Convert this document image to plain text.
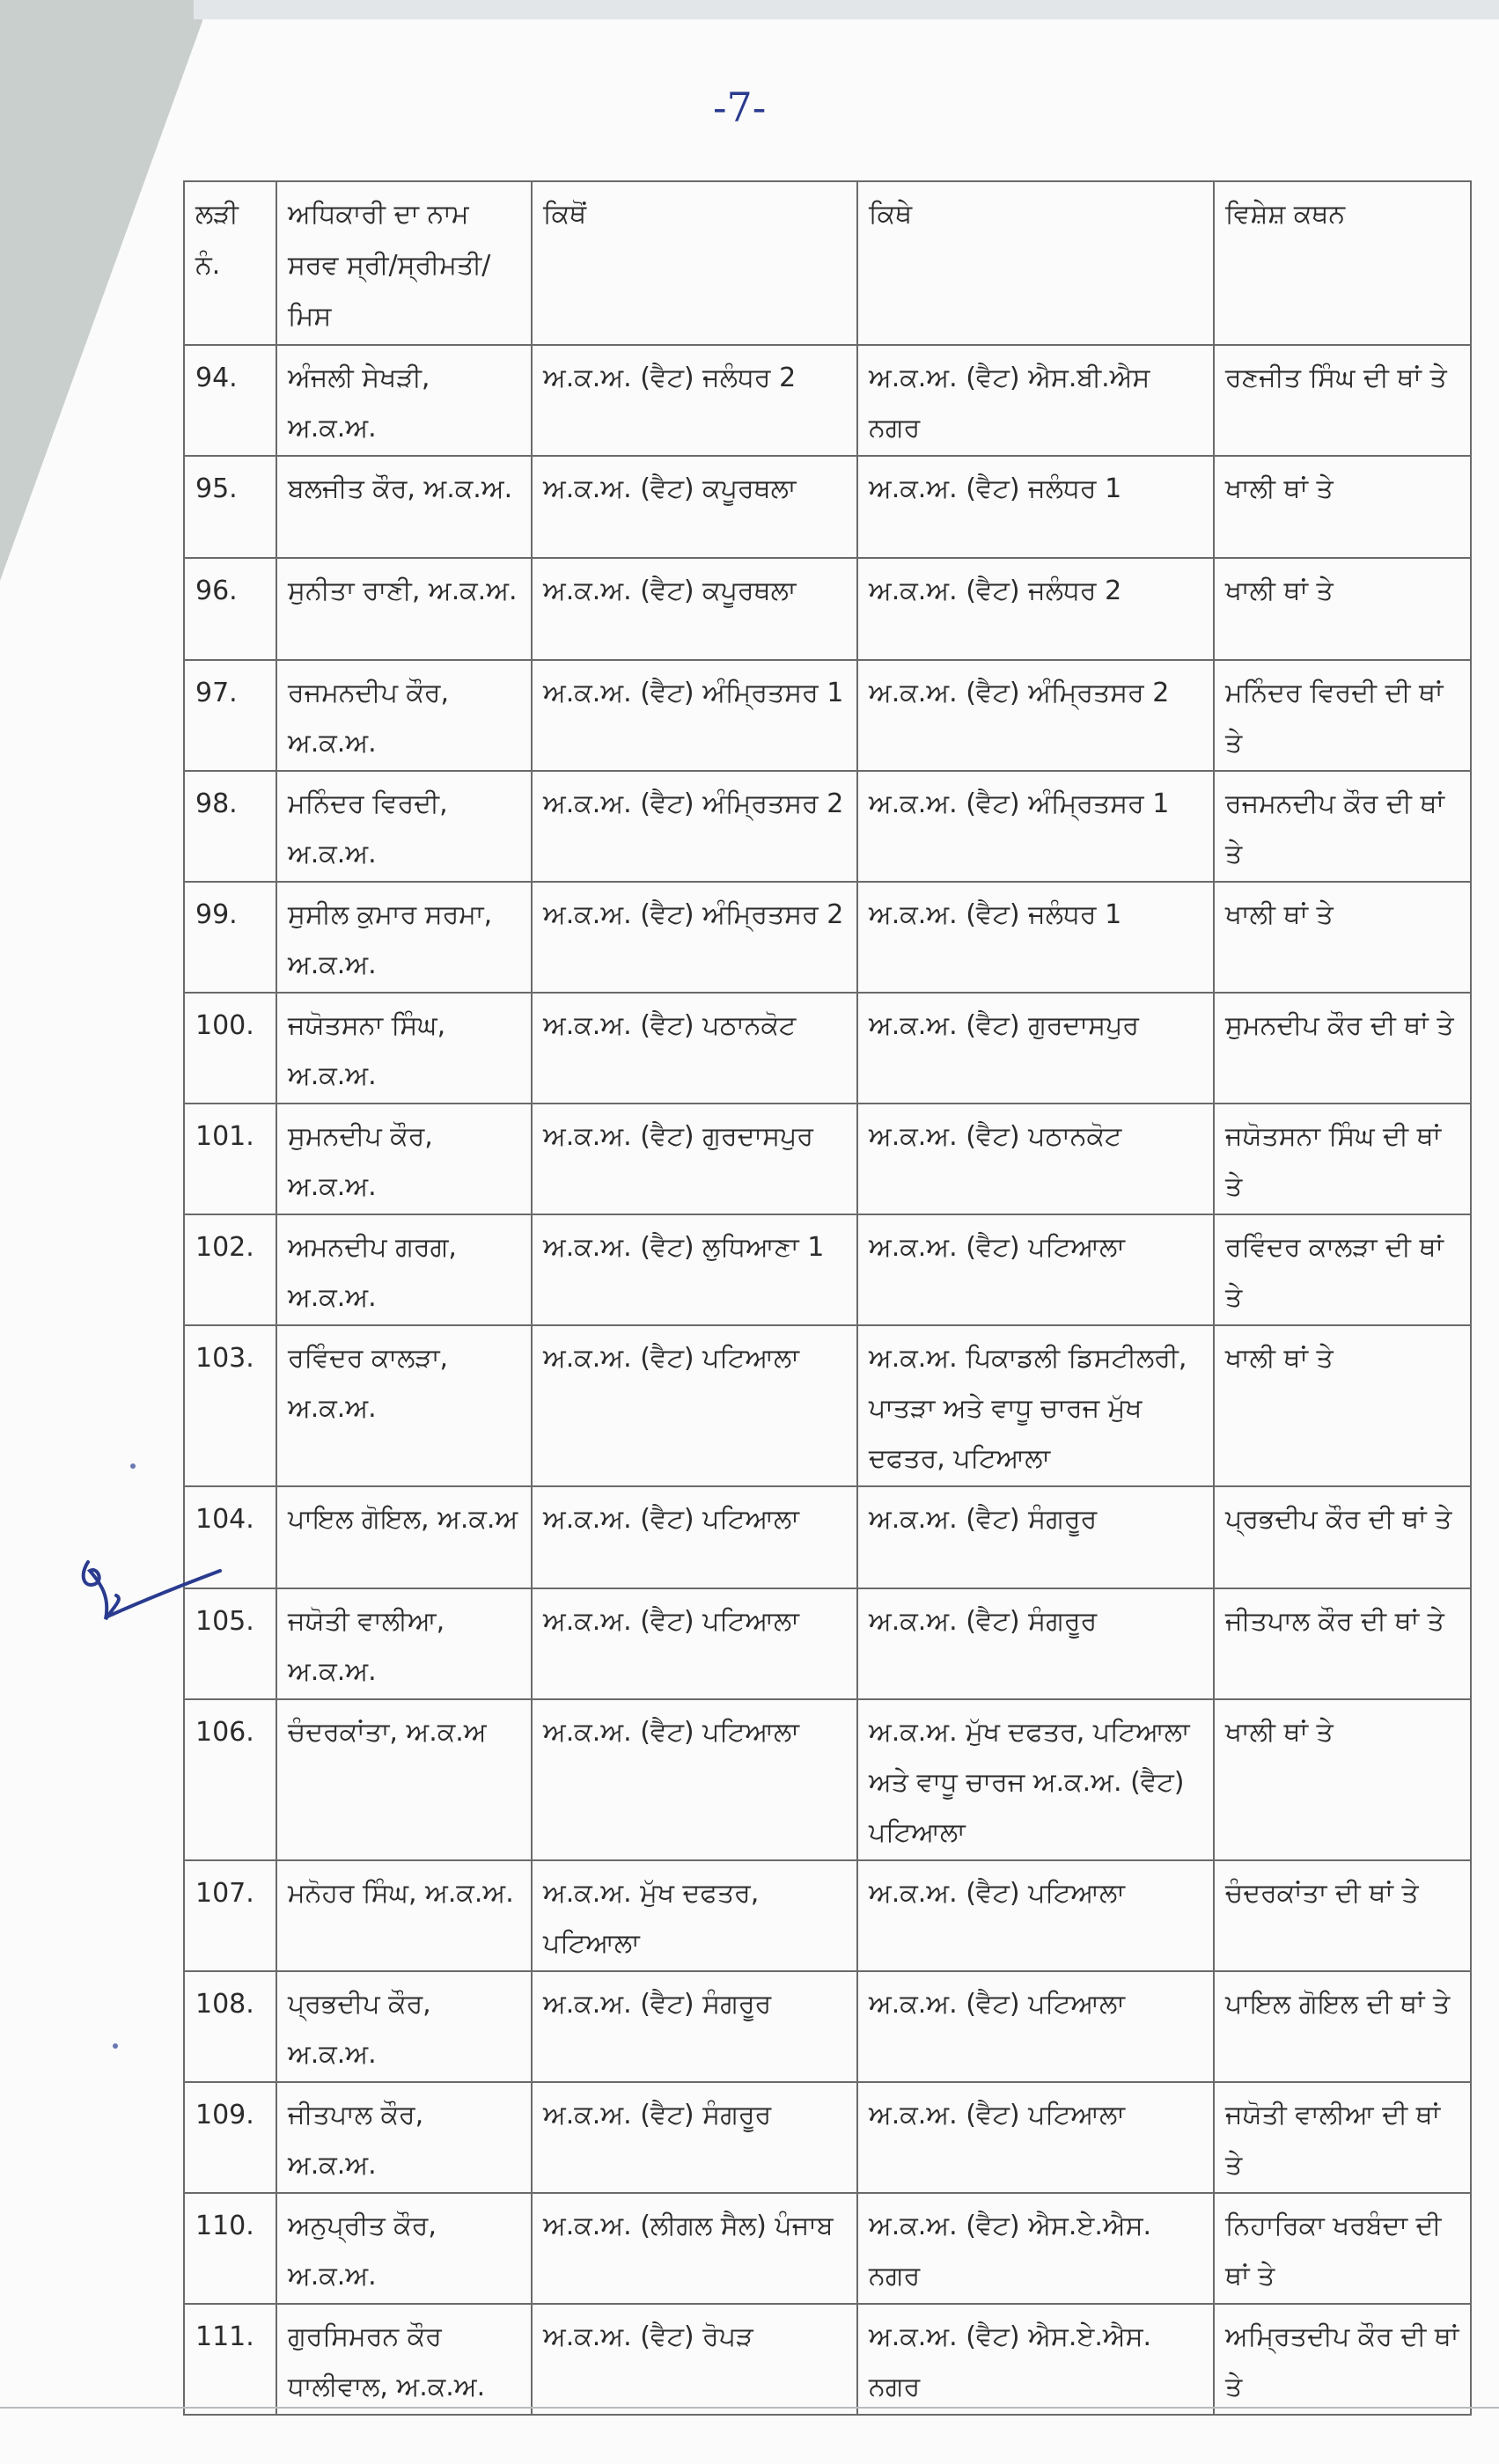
-7-
ਲੜੀ ਨੰ.	ਅਧਿਕਾਰੀ ਦਾ ਨਾਮ ਸਰਵ ਸ੍ਰੀ/ਸ੍ਰੀਮਤੀ/ ਮਿਸ	ਕਿਥੋਂ	ਕਿਥੇ	ਵਿਸ਼ੇਸ਼ ਕਥਨ
94.	ਅੰਜਲੀ ਸੇਖੜੀ, ਅ.ਕ.ਅ.	ਅ.ਕ.ਅ. (ਵੈਟ) ਜਲੰਧਰ 2	ਅ.ਕ.ਅ. (ਵੈਟ) ਐਸ.ਬੀ.ਐਸ ਨਗਰ	ਰਣਜੀਤ ਸਿੰਘ ਦੀ ਥਾਂ ਤੇ
95.	ਬਲਜੀਤ ਕੌਰ, ਅ.ਕ.ਅ.	ਅ.ਕ.ਅ. (ਵੈਟ) ਕਪੂਰਥਲਾ	ਅ.ਕ.ਅ. (ਵੈਟ) ਜਲੰਧਰ 1	ਖਾਲੀ ਥਾਂ ਤੇ
96.	ਸੁਨੀਤਾ ਰਾਣੀ, ਅ.ਕ.ਅ.	ਅ.ਕ.ਅ. (ਵੈਟ) ਕਪੂਰਥਲਾ	ਅ.ਕ.ਅ. (ਵੈਟ) ਜਲੰਧਰ 2	ਖਾਲੀ ਥਾਂ ਤੇ
97.	ਰਜਮਨਦੀਪ ਕੌਰ, ਅ.ਕ.ਅ.	ਅ.ਕ.ਅ. (ਵੈਟ) ਅੰਮ੍ਰਿਤਸਰ 1	ਅ.ਕ.ਅ. (ਵੈਟ) ਅੰਮ੍ਰਿਤਸਰ 2	ਮਨਿੰਦਰ ਵਿਰਦੀ ਦੀ ਥਾਂ ਤੇ
98.	ਮਨਿੰਦਰ ਵਿਰਦੀ, ਅ.ਕ.ਅ.	ਅ.ਕ.ਅ. (ਵੈਟ) ਅੰਮ੍ਰਿਤਸਰ 2	ਅ.ਕ.ਅ. (ਵੈਟ) ਅੰਮ੍ਰਿਤਸਰ 1	ਰਜਮਨਦੀਪ ਕੌਰ ਦੀ ਥਾਂ ਤੇ
99.	ਸੁਸੀਲ ਕੁਮਾਰ ਸਰਮਾ, ਅ.ਕ.ਅ.	ਅ.ਕ.ਅ. (ਵੈਟ) ਅੰਮ੍ਰਿਤਸਰ 2	ਅ.ਕ.ਅ. (ਵੈਟ) ਜਲੰਧਰ 1	ਖਾਲੀ ਥਾਂ ਤੇ
100.	ਜਯੋਤਸਨਾ ਸਿੰਘ, ਅ.ਕ.ਅ.	ਅ.ਕ.ਅ. (ਵੈਟ) ਪਠਾਨਕੋਟ	ਅ.ਕ.ਅ. (ਵੈਟ) ਗੁਰਦਾਸਪੁਰ	ਸੁਮਨਦੀਪ ਕੌਰ ਦੀ ਥਾਂ ਤੇ
101.	ਸੁਮਨਦੀਪ ਕੌਰ, ਅ.ਕ.ਅ.	ਅ.ਕ.ਅ. (ਵੈਟ) ਗੁਰਦਾਸਪੁਰ	ਅ.ਕ.ਅ. (ਵੈਟ) ਪਠਾਨਕੋਟ	ਜਯੋਤਸਨਾ ਸਿੰਘ ਦੀ ਥਾਂ ਤੇ
102.	ਅਮਨਦੀਪ ਗਰਗ, ਅ.ਕ.ਅ.	ਅ.ਕ.ਅ. (ਵੈਟ) ਲੁਧਿਆਣਾ 1	ਅ.ਕ.ਅ. (ਵੈਟ) ਪਟਿਆਲਾ	ਰਵਿੰਦਰ ਕਾਲੜਾ ਦੀ ਥਾਂ ਤੇ
103.	ਰਵਿੰਦਰ ਕਾਲੜਾ, ਅ.ਕ.ਅ.	ਅ.ਕ.ਅ. (ਵੈਟ) ਪਟਿਆਲਾ	ਅ.ਕ.ਅ. ਪਿਕਾਡਲੀ ਡਿਸਟੀਲਰੀ, ਪਾਤੜਾ ਅਤੇ ਵਾਧੂ ਚਾਰਜ ਮੁੱਖ ਦਫਤਰ, ਪਟਿਆਲਾ	ਖਾਲੀ ਥਾਂ ਤੇ
104.	ਪਾਇਲ ਗੋਇਲ, ਅ.ਕ.ਅ	ਅ.ਕ.ਅ. (ਵੈਟ) ਪਟਿਆਲਾ	ਅ.ਕ.ਅ. (ਵੈਟ) ਸੰਗਰੂਰ	ਪ੍ਰਭਦੀਪ ਕੌਰ ਦੀ ਥਾਂ ਤੇ
105.	ਜਯੋਤੀ ਵਾਲੀਆ, ਅ.ਕ.ਅ.	ਅ.ਕ.ਅ. (ਵੈਟ) ਪਟਿਆਲਾ	ਅ.ਕ.ਅ. (ਵੈਟ) ਸੰਗਰੂਰ	ਜੀਤਪਾਲ ਕੌਰ ਦੀ ਥਾਂ ਤੇ
106.	ਚੰਦਰਕਾਂਤਾ, ਅ.ਕ.ਅ	ਅ.ਕ.ਅ. (ਵੈਟ) ਪਟਿਆਲਾ	ਅ.ਕ.ਅ. ਮੁੱਖ ਦਫਤਰ, ਪਟਿਆਲਾ ਅਤੇ ਵਾਧੂ ਚਾਰਜ ਅ.ਕ.ਅ. (ਵੈਟ) ਪਟਿਆਲਾ	ਖਾਲੀ ਥਾਂ ਤੇ
107.	ਮਨੋਹਰ ਸਿੰਘ, ਅ.ਕ.ਅ.	ਅ.ਕ.ਅ. ਮੁੱਖ ਦਫਤਰ, ਪਟਿਆਲਾ	ਅ.ਕ.ਅ. (ਵੈਟ) ਪਟਿਆਲਾ	ਚੰਦਰਕਾਂਤਾ ਦੀ ਥਾਂ ਤੇ
108.	ਪ੍ਰਭਦੀਪ ਕੌਰ, ਅ.ਕ.ਅ.	ਅ.ਕ.ਅ. (ਵੈਟ) ਸੰਗਰੂਰ	ਅ.ਕ.ਅ. (ਵੈਟ) ਪਟਿਆਲਾ	ਪਾਇਲ ਗੋਇਲ ਦੀ ਥਾਂ ਤੇ
109.	ਜੀਤਪਾਲ ਕੌਰ, ਅ.ਕ.ਅ.	ਅ.ਕ.ਅ. (ਵੈਟ) ਸੰਗਰੂਰ	ਅ.ਕ.ਅ. (ਵੈਟ) ਪਟਿਆਲਾ	ਜਯੋਤੀ ਵਾਲੀਆ ਦੀ ਥਾਂ ਤੇ
110.	ਅਨੁਪ੍ਰੀਤ ਕੌਰ, ਅ.ਕ.ਅ.	ਅ.ਕ.ਅ. (ਲੀਗਲ ਸੈਲ) ਪੰਜਾਬ	ਅ.ਕ.ਅ. (ਵੈਟ) ਐਸ.ਏ.ਐਸ. ਨਗਰ	ਨਿਹਾਰਿਕਾ ਖਰਬੰਦਾ ਦੀ ਥਾਂ ਤੇ
111.	ਗੁਰਸਿਮਰਨ ਕੌਰ ਧਾਲੀਵਾਲ, ਅ.ਕ.ਅ.	ਅ.ਕ.ਅ. (ਵੈਟ) ਰੋਪੜ	ਅ.ਕ.ਅ. (ਵੈਟ) ਐਸ.ਏ.ਐਸ. ਨਗਰ	ਅਮ੍ਰਿਤਦੀਪ ਕੌਰ ਦੀ ਥਾਂ ਤੇ
